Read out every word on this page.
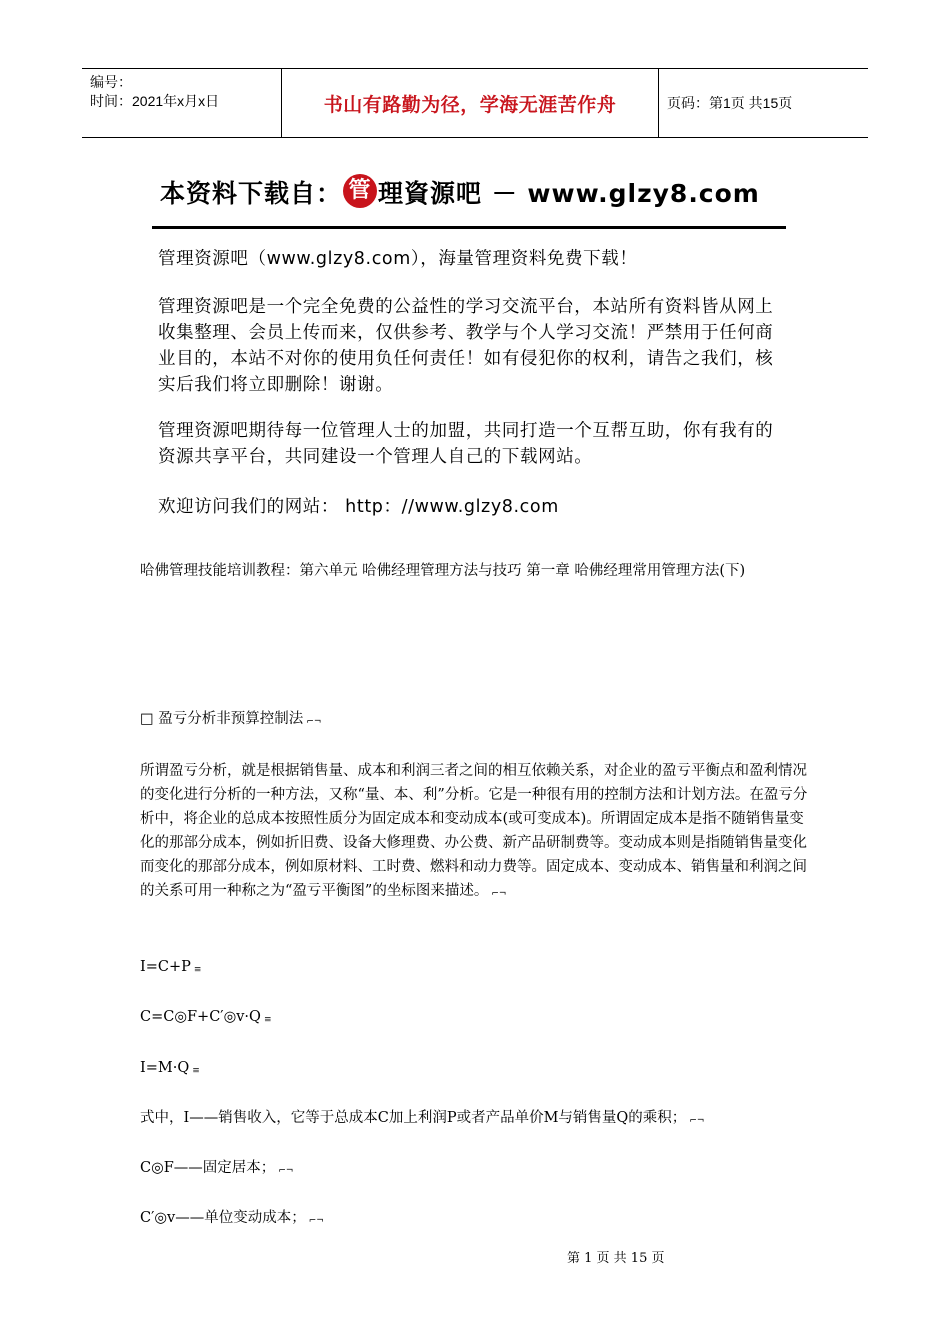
编号：
时间：2021年x月x日	书山有路勤为径，学海无涯苦作舟	页码：第1页 共15页
本资料下载自： 管 理資源吧 － www.glzy8.com
管理资源吧（www.glzy8.com），海量管理资料免费下载！
管理资源吧是一个完全免费的公益性的学习交流平台，本站所有资料皆从网上收集整理、会员上传而来，仅供参考、教学与个人学习交流！严禁用于任何商业目的，本站不对你的使用负任何责任！如有侵犯你的权利，请告之我们，核实后我们将立即删除！谢谢。
管理资源吧期待每一位管理人士的加盟，共同打造一个互帮互助，你有我有的资源共享平台，共同建设一个管理人自己的下载网站。
欢迎访问我们的网站： http：//www.glzy8.com
哈佛管理技能培训教程：第六单元 哈佛经理管理方法与技巧 第一章 哈佛经理常用管理方法(下)
□ 盈亏分析非预算控制法 ⌐¬
所谓盈亏分析，就是根据销售量、成本和利润三者之间的相互依赖关系，对企业的盈亏平衡点和盈利情况的变化进行分析的一种方法，又称“量、本、利”分析。它是一种很有用的控制方法和计划方法。在盈亏分析中，将企业的总成本按照性质分为固定成本和变动成本(或可变成本)。所谓固定成本是指不随销售量变化的那部分成本，例如折旧费、设备大修理费、办公费、新产品研制费等。变动成本则是指随销售量变化而变化的那部分成本，例如原材料、工时费、燃料和动力费等。固定成本、变动成本、销售量和利润之间的关系可用一种称之为“盈亏平衡图”的坐标图来描述。 ⌐¬
I=C+P ≡
C=C◎F+C′◎v·Q ≡
I=M·Q ≡
式中，I——销售收入，它等于总成本C加上利润P或者产品单价M与销售量Q的乘积； ⌐¬
C◎F——固定居本； ⌐¬
C′◎v——单位变动成本； ⌐¬
第 1 页 共 15 页
